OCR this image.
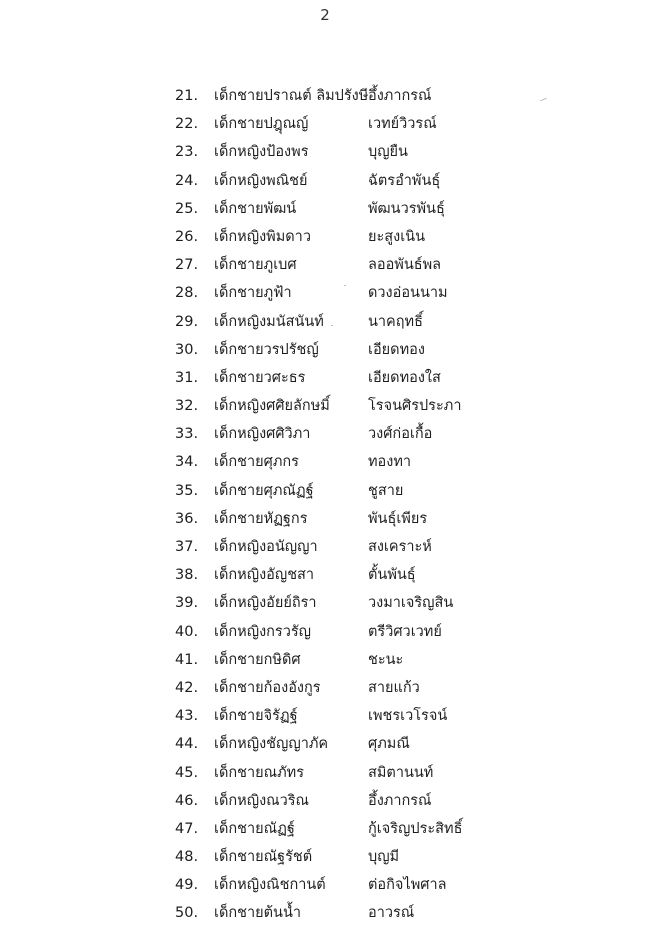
2
21. เด็กชายปราณต์ ลิมปรังษี อึ้งภากรณ์
22. เด็กชายปฎุณญ์	เวทย์วิวรณ์
23. เด็กหญิงป้องพร	บุญยืน
24. เด็กหญิงพณิชย์	ฉัตรอำพันธุ์
25. เด็กชายพัฒน์	พัฒนวรพันธุ์
26. เด็กหญิงพิมดาว	ยะสูงเนิน
27. เด็กชายภูเบศ	ลออพันธ์พล
28. เด็กชายภูฟ้า	ดวงอ่อนนาม
29. เด็กหญิงมนัสนันท์	นาคฤทธิ์
30. เด็กชายวรปรัชญ์	เอียดทอง
31. เด็กชายวศะธร	เอียดทองใส
32. เด็กหญิงศศิยลักษมิ์	โรจนศิรประภา
33. เด็กหญิงศศิวิภา	วงศ์ก่อเกื้อ
34. เด็กชายศุภกร	ทองทา
35. เด็กชายศุภณัฏฐ์	ชูสาย
36. เด็กชายหัฏฐกร	พันธุ์เพียร
37. เด็กหญิงอนัญญา	สงเคราะห์
38. เด็กหญิงอัญชสา	ตั้นพันธุ์
39. เด็กหญิงอัยย์ถิรา	วงมาเจริญสิน
40. เด็กหญิงกรวรัญ	ตรีวิศวเวทย์
41. เด็กชายกษิดิศ	ชะนะ
42. เด็กชายก้องอังกูร	สายแก้ว
43. เด็กชายจิรัฏฐ์	เพชรเวโรจน์
44. เด็กหญิงชัญญาภัค	ศุภมณี
45. เด็กชายณภัทร	สมิตานนท์
46. เด็กหญิงณวริณ	อึ้งภากรณ์
47. เด็กชายณัฏฐ์	กู้เจริญประสิทธิ์
48. เด็กชายณัฐรัชต์	บุญมี
49. เด็กหญิงณิชกานต์	ต่อกิจไพศาล
50. เด็กชายต้นน้ำ	อาวรณ์
